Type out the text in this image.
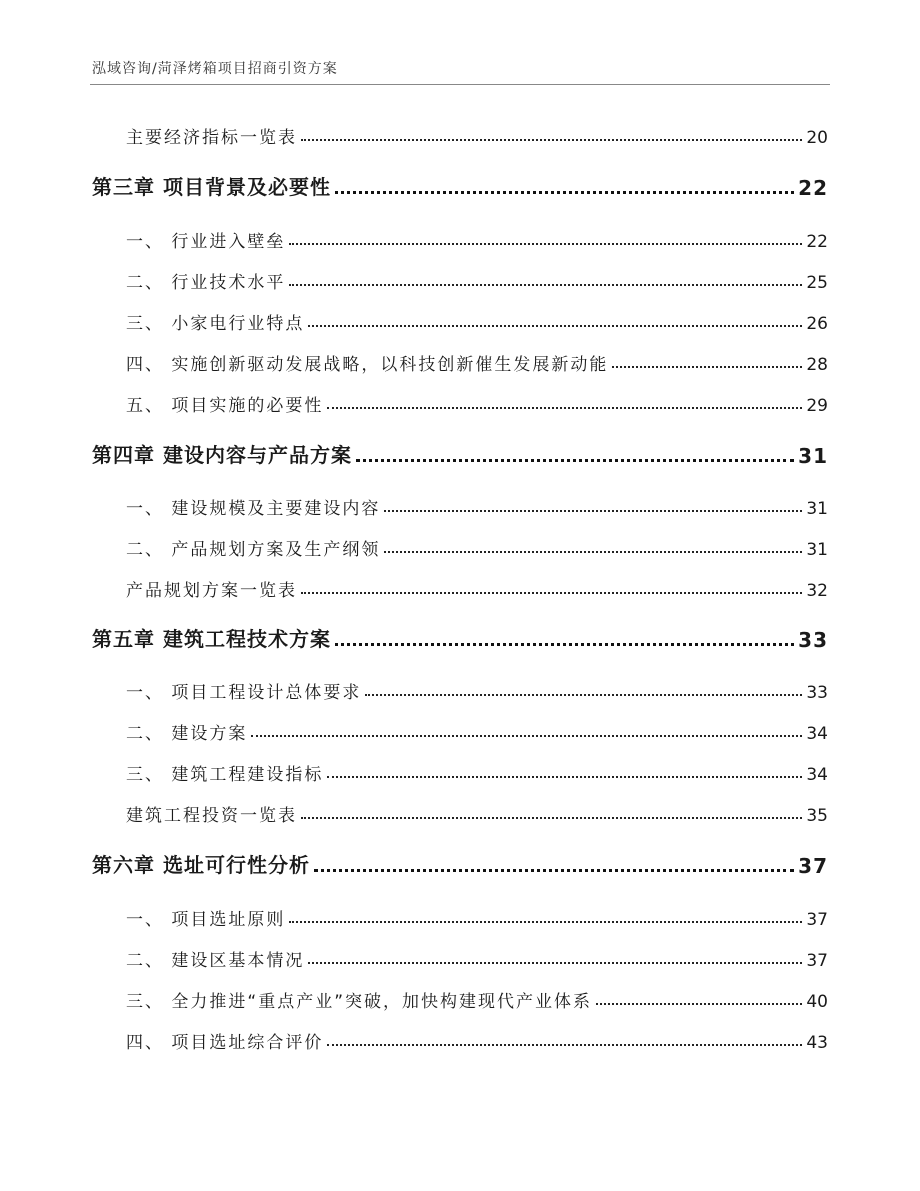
泓域咨询/菏泽烤箱项目招商引资方案
主要经济指标一览表	20
第三章 项目背景及必要性	22
一、 行业进入壁垒	22
二、 行业技术水平	25
三、 小家电行业特点	26
四、 实施创新驱动发展战略，以科技创新催生发展新动能	28
五、 项目实施的必要性	29
第四章 建设内容与产品方案	31
一、 建设规模及主要建设内容	31
二、 产品规划方案及生产纲领	31
产品规划方案一览表	32
第五章 建筑工程技术方案	33
一、 项目工程设计总体要求	33
二、 建设方案	34
三、 建筑工程建设指标	34
建筑工程投资一览表	35
第六章 选址可行性分析	37
一、 项目选址原则	37
二、 建设区基本情况	37
三、 全力推进“重点产业”突破，加快构建现代产业体系	40
四、 项目选址综合评价	43
